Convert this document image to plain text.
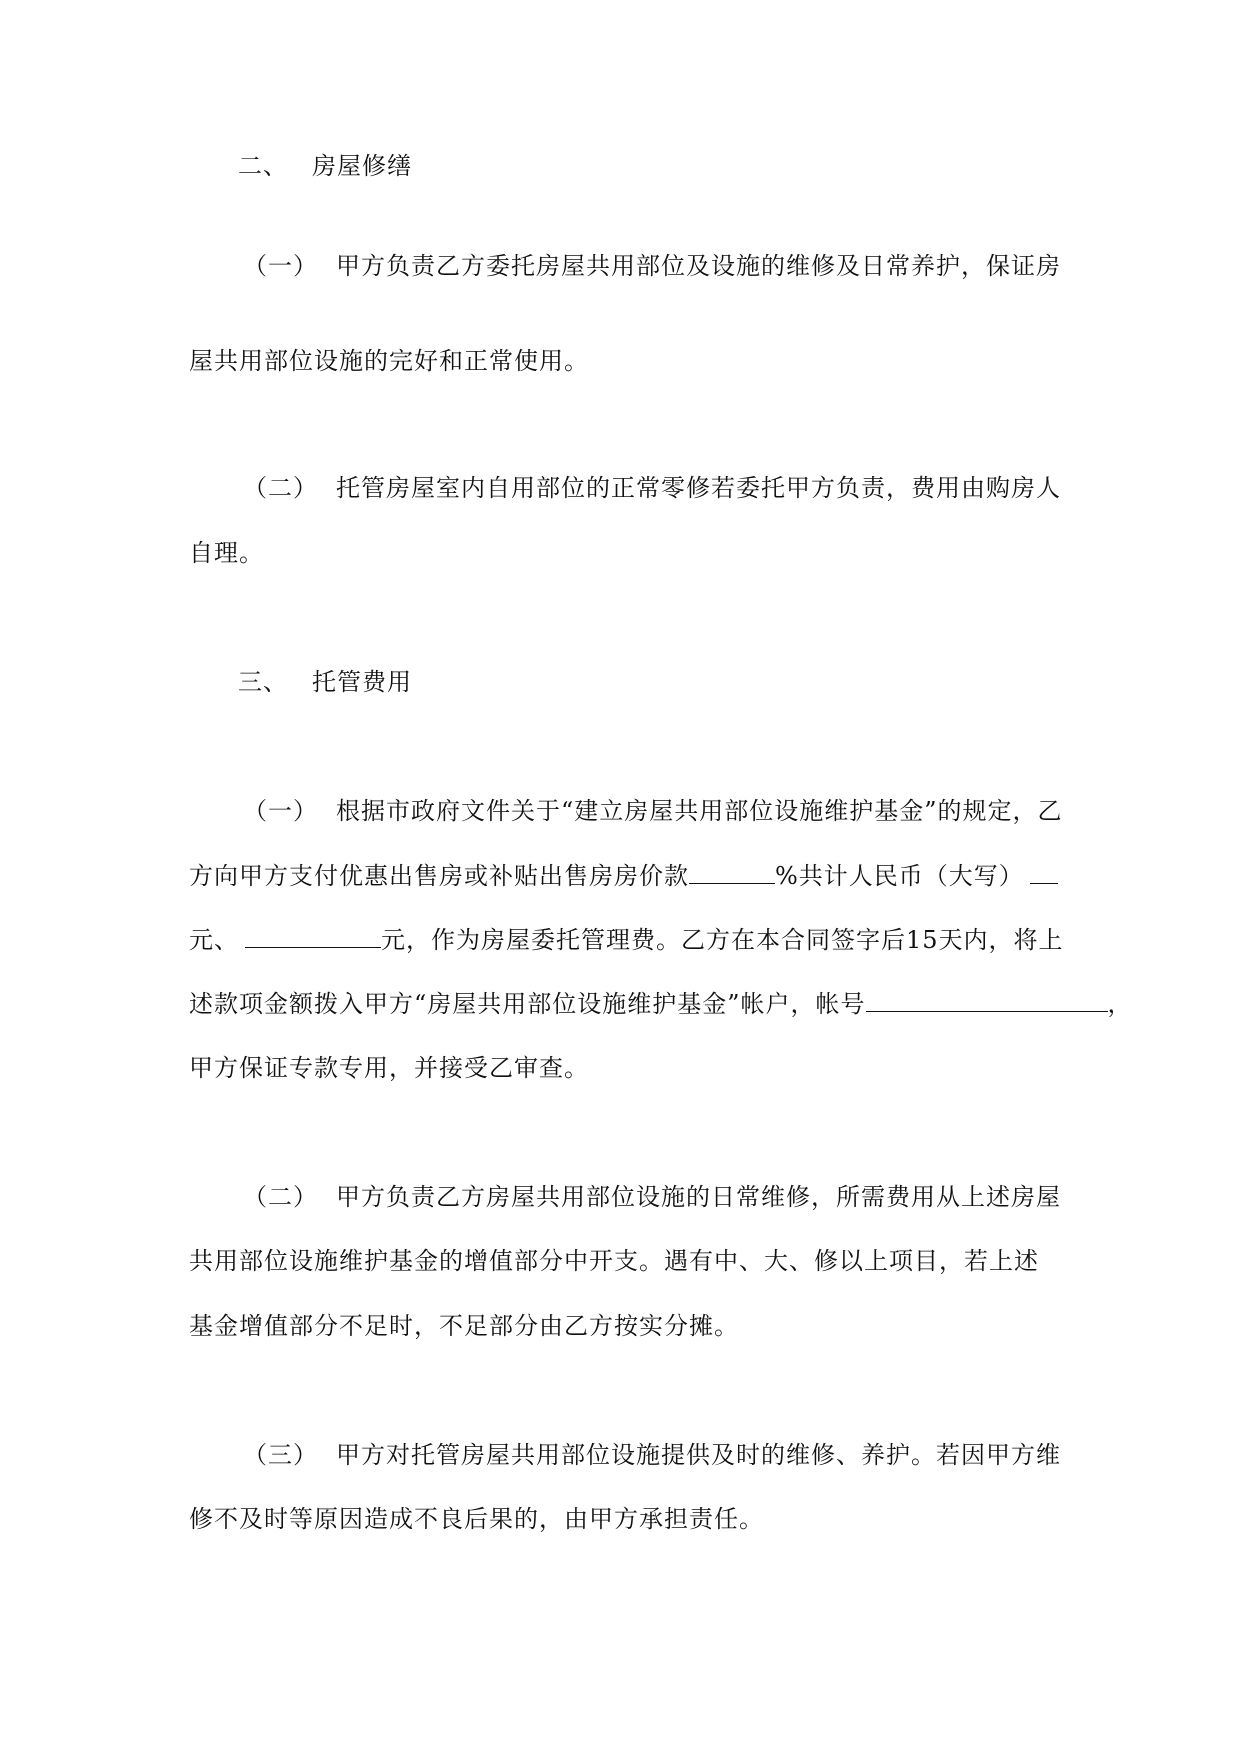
二、 房屋修缮
（一） 甲方负责乙方委托房屋共用部位及设施的维修及日常养护，保证房
屋共用部位设施的完好和正常使用。
（二） 托管房屋室内自用部位的正常零修若委托甲方负责，费用由购房人
自理。
三、 托管费用
（一） 根据市政府文件关于“建立房屋共用部位设施维护基金”的规定，乙
方向甲方支付优惠出售房或补贴出售房房价款	%共计人民币（大写）
元、	元，作为房屋委托管理费。乙方在本合同签字后15天内，将上
述款项金额拨入甲方“房屋共用部位设施维护基金”帐户，帐号	，
甲方保证专款专用，并接受乙审查。
（二） 甲方负责乙方房屋共用部位设施的日常维修，所需费用从上述房屋
共用部位设施维护基金的增值部分中开支。遇有中、大、修以上项目，若上述
基金增值部分不足时，不足部分由乙方按实分摊。
（三） 甲方对托管房屋共用部位设施提供及时的维修、养护。若因甲方维
修不及时等原因造成不良后果的，由甲方承担责任。
